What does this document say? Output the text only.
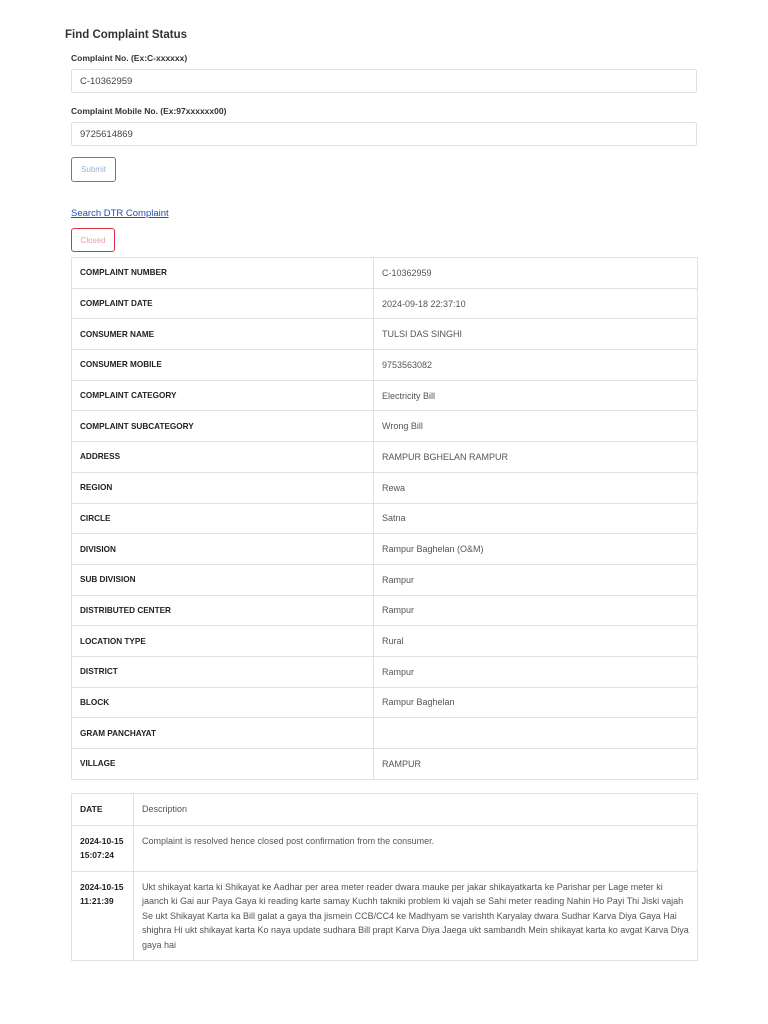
Find Complaint Status
Complaint No. (Ex:C-xxxxxx)
C-10362959
Complaint Mobile No. (Ex:97xxxxxx00)
9725614869
Submit
Search DTR Complaint
Closed
COMPLAINT NUMBER	C-10362959
COMPLAINT DATE	2024-09-18 22:37:10
CONSUMER NAME	TULSI DAS SINGHI
CONSUMER MOBILE	9753563082
COMPLAINT CATEGORY	Electricity Bill
COMPLAINT SUBCATEGORY	Wrong Bill
ADDRESS	RAMPUR BGHELAN RAMPUR
REGION	Rewa
CIRCLE	Satna
DIVISION	Rampur Baghelan (O&M)
SUB DIVISION	Rampur
DISTRIBUTED CENTER	Rampur
LOCATION TYPE	Rural
DISTRICT	Rampur
BLOCK	Rampur Baghelan
GRAM PANCHAYAT	
VILLAGE	RAMPUR
DATE	Description
2024-10-15 15:07:24	Complaint is resolved hence closed post confirmation from the consumer.
2024-10-15 11:21:39	Ukt shikayat karta ki Shikayat ke Aadhar per area meter reader dwara mauke per jakar shikayatkarta ke Parishar per Lage meter ki jaanch ki Gai aur Paya Gaya ki reading karte samay Kuchh takniki problem ki vajah se Sahi meter reading Nahin Ho Payi Thi Jiski vajah Se ukt Shikayat Karta ka Bill galat a gaya tha jismein CCB/CC4 ke Madhyam se varishth Karyalay dwara Sudhar Karva Diya Gaya Hai shighra Hi ukt shikayat karta Ko naya update sudhara Bill prapt Karva Diya Jaega ukt sambandh Mein shikayat karta ko avgat Karva Diya gaya hai
